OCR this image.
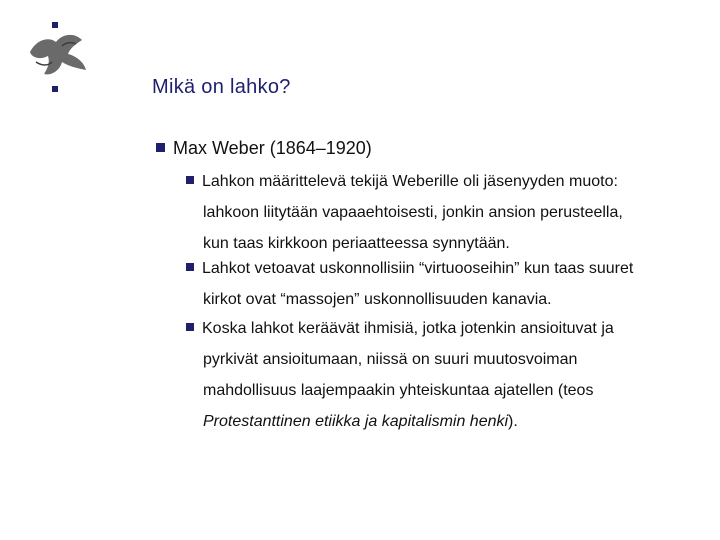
Mikä on lahko?
Max Weber (1864–1920)
Lahkon määrittelevä tekijä Weberille oli jäsenyyden muoto:
lahkoon liitytään vapaaehtoisesti, jonkin ansion perusteella,
kun taas kirkkoon periaatteessa synnytään.
Lahkot vetoavat uskonnollisiin “virtuooseihin” kun taas suuret
kirkot ovat “massojen” uskonnollisuuden kanavia.
Koska lahkot keräävät ihmisiä, jotka jotenkin ansioituvat ja
pyrkivät ansioitumaan, niissä on suuri muutosvoiman
mahdollisuus laajempaakin yhteiskuntaa ajatellen (teos
Protestanttinen etiikka ja kapitalismin henki).
